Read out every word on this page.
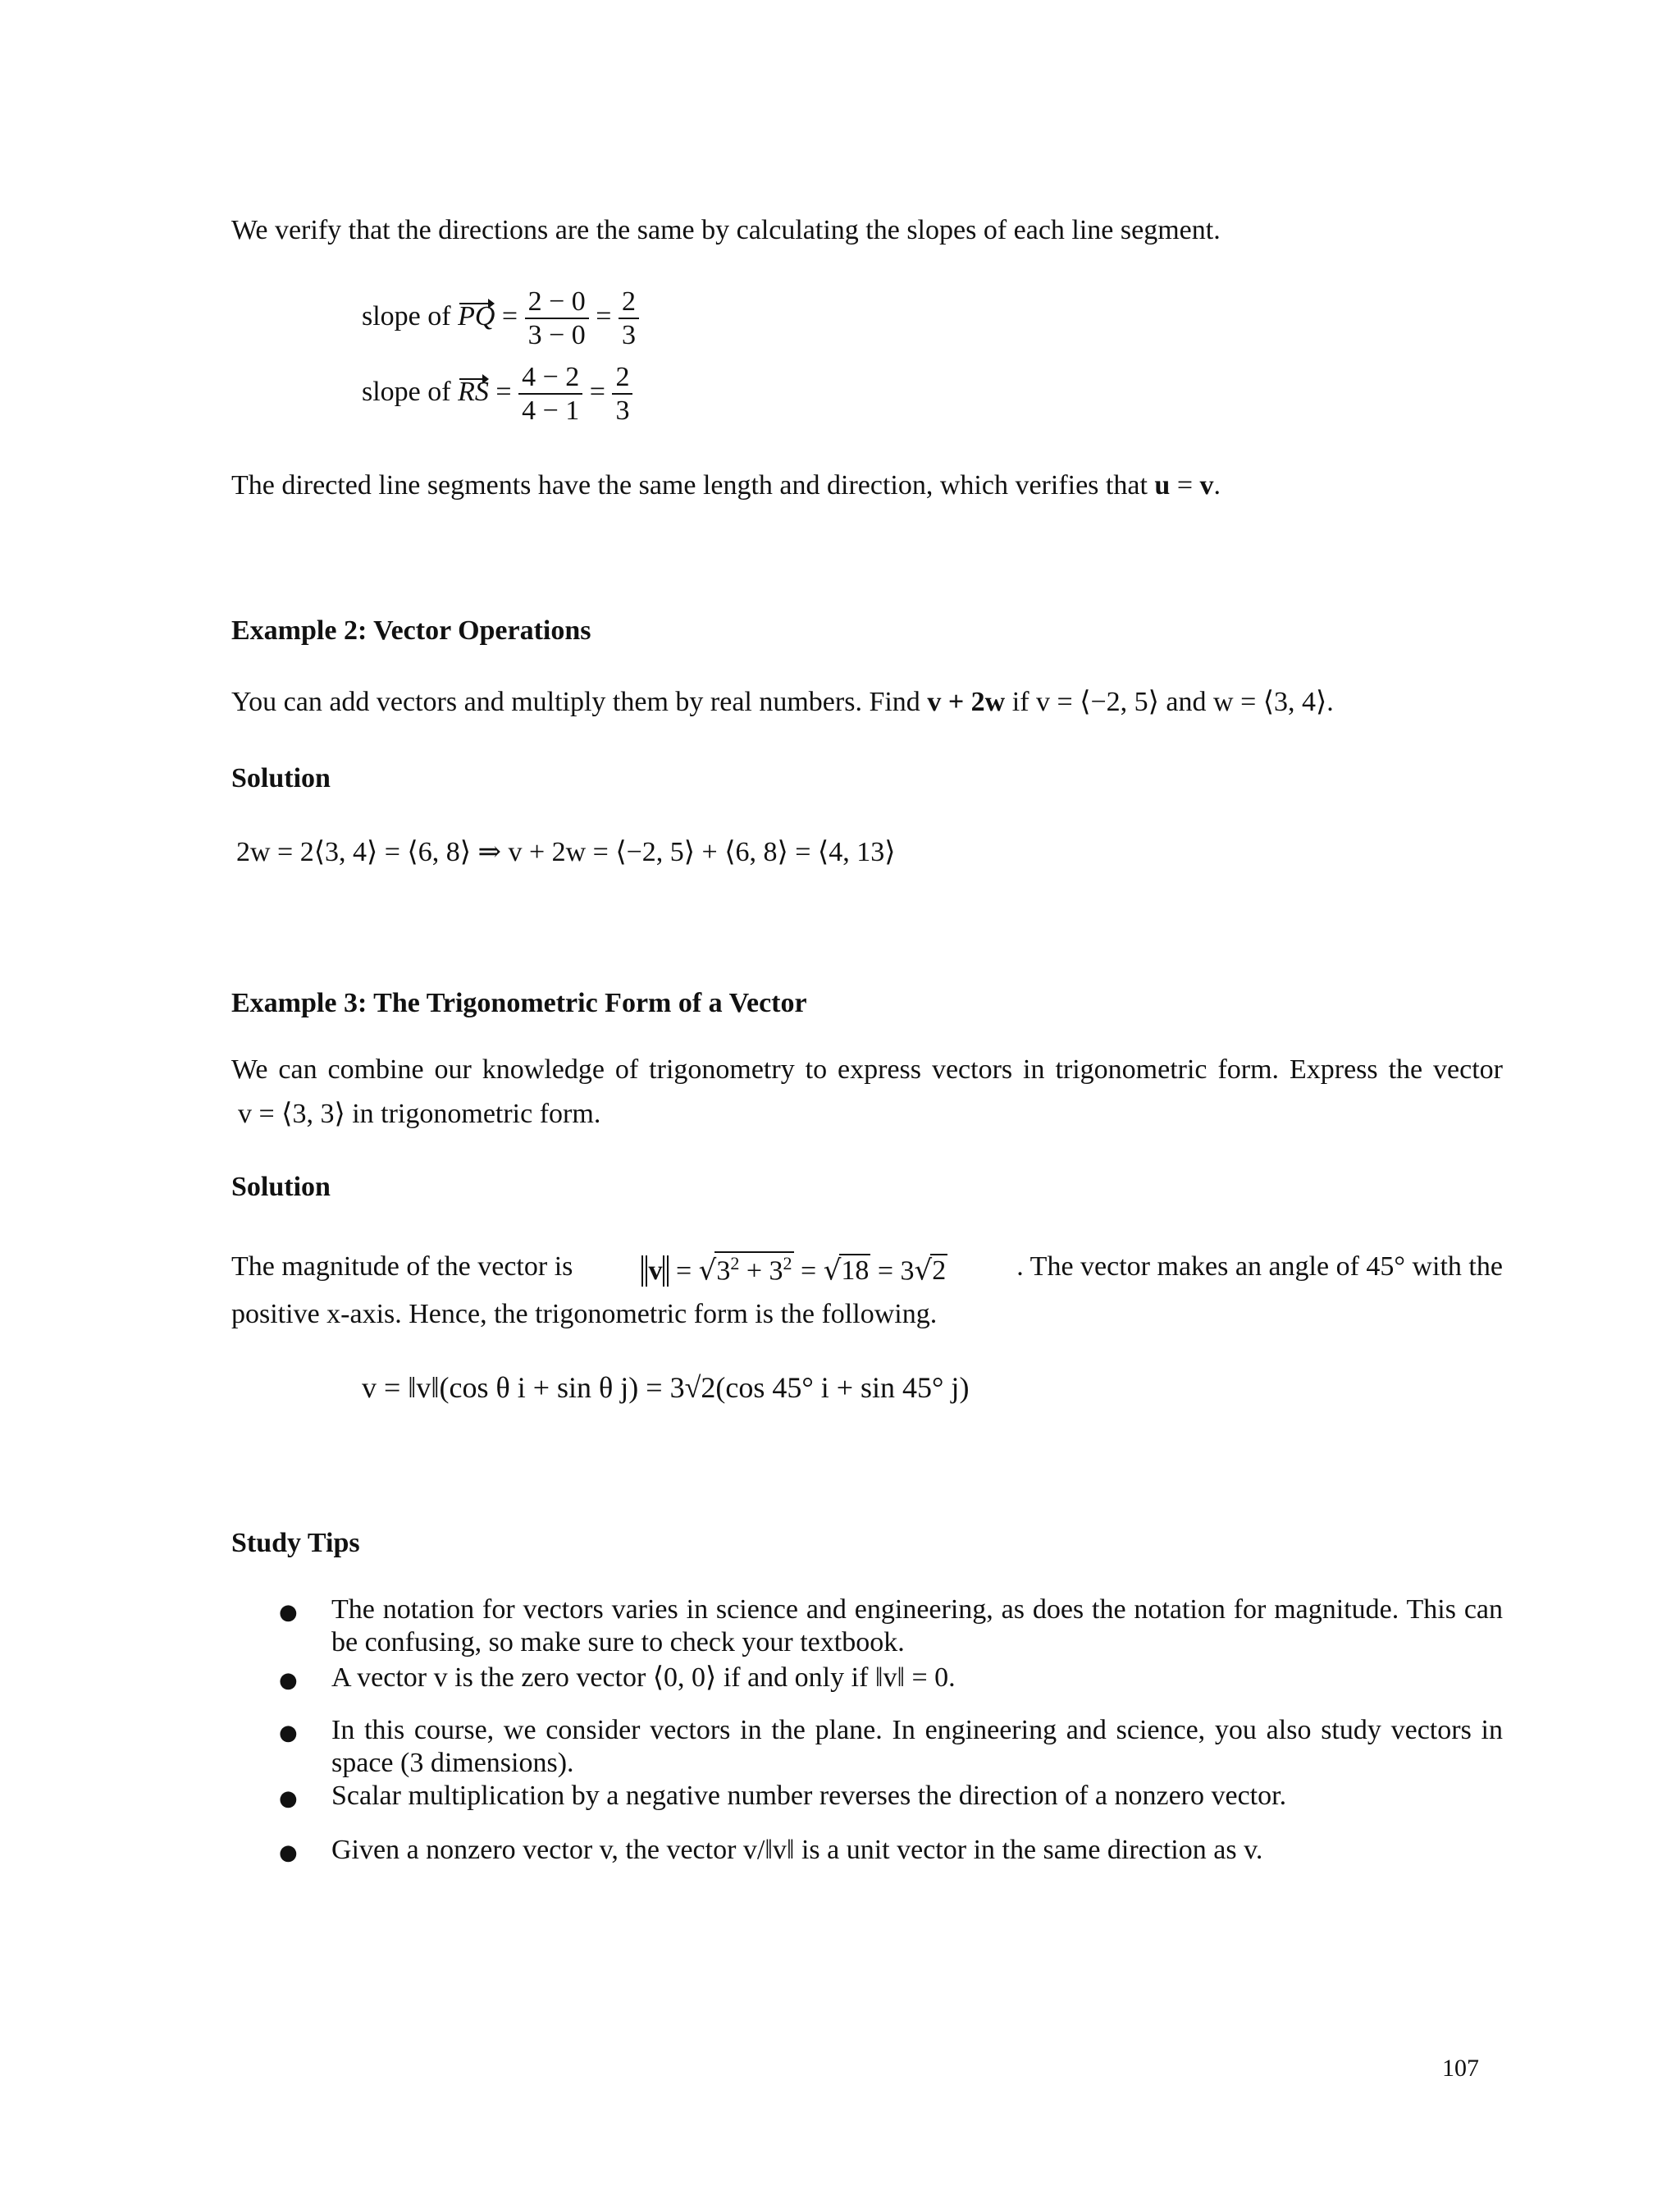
We verify that the directions are the same by calculating the slopes of each line segment.
slope of PQ = $\frac{2 - 0}{3 - 0} = \frac{2}{3}$
slope of RS = $\frac{4 - 2}{4 - 1} = \frac{2}{3}$
The directed line segments have the same length and direction, which verifies that u = v.
Example 2: Vector Operations
You can add vectors and multiply them by real numbers. Find v + 2w if v = ⟨−2, 5⟩ and w = ⟨3, 4⟩.
Solution
2w = 2⟨3, 4⟩ = ⟨6, 8⟩ ⇒ v + 2w = ⟨−2, 5⟩ + ⟨6, 8⟩ = ⟨4, 13⟩
Example 3: The Trigonometric Form of a Vector
We can combine our knowledge of trigonometry to express vectors in trigonometric form. Express the vector
v = ⟨3, 3⟩ in trigonometric form.
Solution
The magnitude of the vector is	$v = √3^2 + 3^2 = √18 = 3√2$	. The vector makes an angle of 45° with the
positive x-axis. Hence, the trigonometric form is the following.
v = ‖v‖(cos θ i + sin θ j) = 3√2(cos 45° i + sin 45° j)
Study Tips
● The notation for vectors varies in science and engineering, as does the notation for magnitude. This can be confusing, so make sure to check your textbook.
● A vector v is the zero vector ⟨0, 0⟩ if and only if ‖v‖ = 0.
● In this course, we consider vectors in the plane. In engineering and science, you also study vectors in space (3 dimensions).
● Scalar multiplication by a negative number reverses the direction of a nonzero vector.
● Given a nonzero vector v, the vector v/‖v‖ is a unit vector in the same direction as v.
107
